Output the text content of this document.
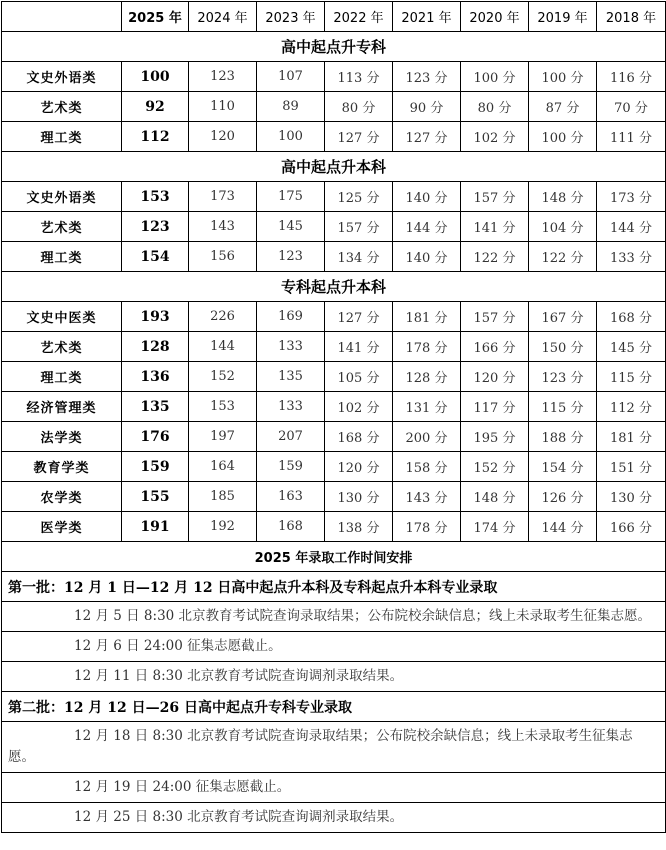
	2025 年	2024 年	2023 年	2022 年	2021 年	2020 年	2019 年	2018 年
高中起点升专科								
文史外语类	100	123	107	113 分	123 分	100 分	100 分	116 分
艺术类	92	110	89	80 分	90 分	80 分	87 分	70 分
理工类	112	120	100	127 分	127 分	102 分	100 分	111 分
高中起点升本科								
文史外语类	153	173	175	125 分	140 分	157 分	148 分	173 分
艺术类	123	143	145	157 分	144 分	141 分	104 分	144 分
理工类	154	156	123	134 分	140 分	122 分	122 分	133 分
专科起点升本科								
文史中医类	193	226	169	127 分	181 分	157 分	167 分	168 分
艺术类	128	144	133	141 分	178 分	166 分	150 分	145 分
理工类	136	152	135	105 分	128 分	120 分	123 分	115 分
经济管理类	135	153	133	102 分	131 分	117 分	115 分	112 分
法学类	176	197	207	168 分	200 分	195 分	188 分	181 分
教育学类	159	164	159	120 分	158 分	152 分	154 分	151 分
农学类	155	185	163	130 分	143 分	148 分	126 分	130 分
医学类	191	192	168	138 分	178 分	174 分	144 分	166 分
2025 年录取工作时间安排								
第一批：12 月 1 日—12 月 12 日高中起点升本科及专科起点升本科专业录取								

12 月 5 日 8:30 北京教育考试院查询录取结果；公布院校余缺信息；线上未录取考生征集志愿。								

12 月 6 日 24:00 征集志愿截止。								

12 月 11 日 8:30 北京教育考试院查询调剂录取结果。								

第二批：12 月 12 日—26 日高中起点升专科专业录取								

12 月 18 日 8:30 北京教育考试院查询录取结果；公布院校余缺信息；线上未录取考生征集志愿。								

12 月 19 日 24:00 征集志愿截止。								

12 月 25 日 8:30 北京教育考试院查询调剂录取结果。								
